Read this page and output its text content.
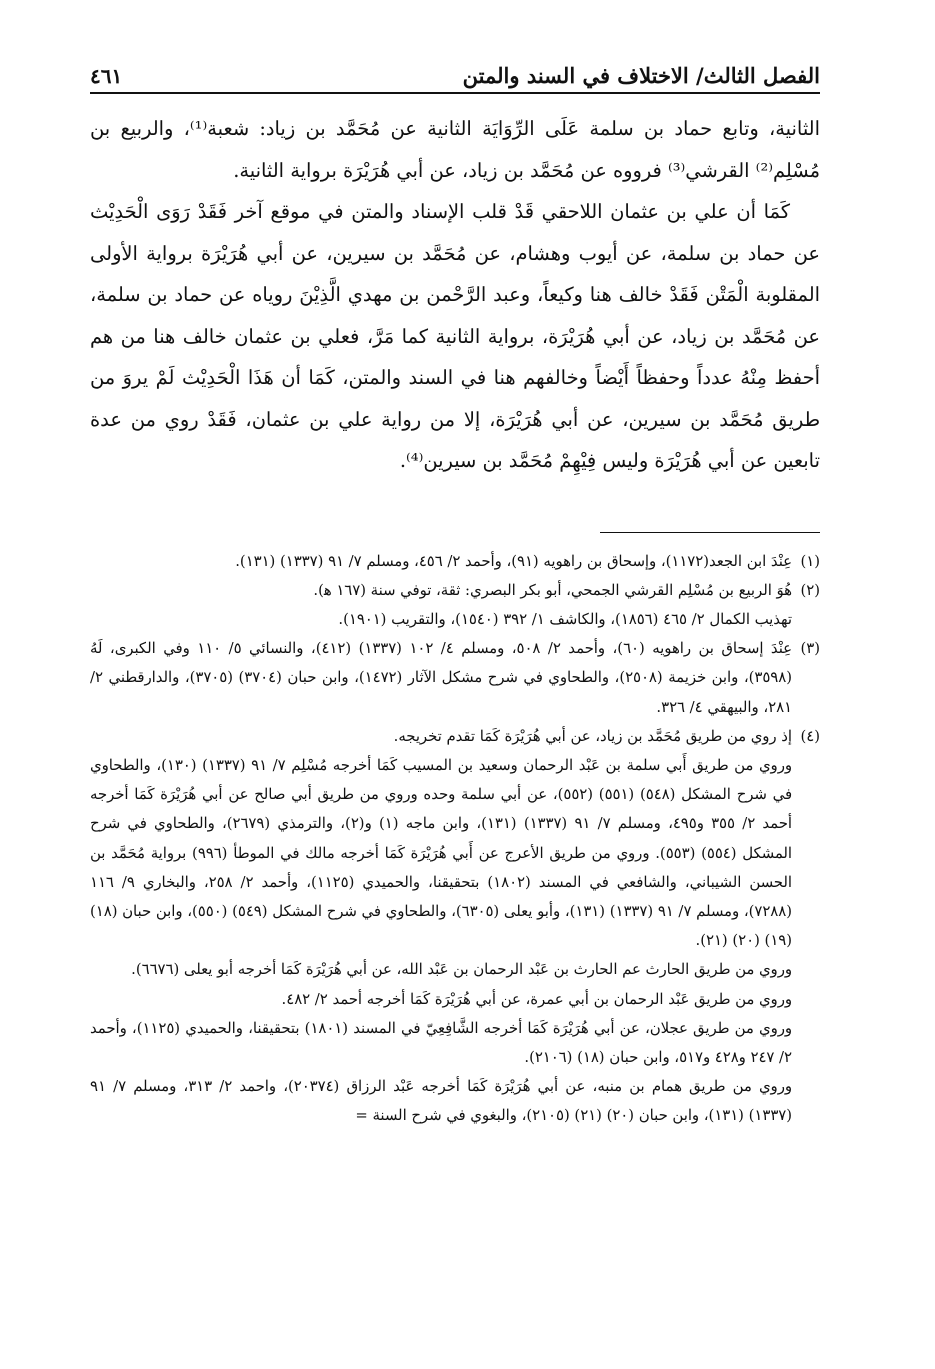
الفصل الثالث/ الاختلاف في السند والمتن
٤٦١

الثانية، وتابع حماد بن سلمة عَلَى الرِّوَايَة الثانية عن مُحَمَّد بن زياد: شعبة⁽¹⁾، والربيع بن مُسْلِم⁽²⁾ القرشي⁽³⁾ فرووه عن مُحَمَّد بن زياد، عن أبي هُرَيْرَة برواية الثانية.

كَمَا أن علي بن عثمان اللاحقي قَدْ قلب الإسناد والمتن في موقع آخر فَقَدْ رَوَى الْحَدِيْث عن حماد بن سلمة، عن أيوب وهشام، عن مُحَمَّد بن سيرين، عن أبي هُرَيْرَة برواية الأولى المقلوبة الْمَتْن فَقَدْ خالف هنا وكيعاً، وعبد الرَّحْمن بن مهدي الَّذِيْنَ روياه عن حماد بن سلمة، عن مُحَمَّد بن زياد، عن أبي هُرَيْرَة، برواية الثانية كما مَرَّ، فعلي بن عثمان خالف هنا من هم أحفظ مِنْهُ عدداً وحفظاً أَيْضاً وخالفهم هنا في السند والمتن، كَمَا أن هَذَا الْحَدِيْث لَمْ يروَ من طريق مُحَمَّد بن سيرين، عن أبي هُرَيْرَة، إلا من رواية علي بن عثمان، فَقَدْ روي من عدة تابعين عن أبي هُرَيْرَة وليس فِيْهِمْ مُحَمَّد بن سيرين⁽⁴⁾.

(١)
عِنْدَ ابن الجعد(١١٧٢)، وإسحاق بن راهويه (٩١)، وأحمد ٢/ ٤٥٦، ومسلم ٧/ ٩١ (١٣٣٧) (١٣١).
(٢)
هُوَ الربيع بن مُسْلِم القرشي الجمحي، أبو بكر البصري: ثقة، توفي سنة (١٦٧ ﻫ).

تهذيب الكمال ٢/ ٤٦٥ (١٨٥٦)، والكاشف ١/ ٣٩٢ (١٥٤٠)، والتقريب (١٩٠١).

(٣)
عِنْدَ إسحاق بن راهويه (٦٠)، وأحمد ٢/ ٥٠٨، ومسلم ٤/ ١٠٢ (١٣٣٧) (٤١٢)، والنسائي ٥/ ١١٠ وفي الكبرى، لَهُ (٣٥٩٨)، وابن خزيمة (٢٥٠٨)، والطحاوي في شرح مشكل الآثار (١٤٧٢)، وابن حبان (٣٧٠٤) (٣٧٠٥)، والدارقطني ٢/ ٢٨١، والبيهقي ٤/ ٣٢٦.
(٤)
إذ روي من طريق مُحَمَّد بن زياد، عن أبي هُرَيْرَة كَمَا تقدم تخريجه.

وروي من طريق أَبي سلمة بن عَبْد الرحمان وسعيد بن المسيب كَمَا أخرجه مُسْلِم ٧/ ٩١ (١٣٣٧) (١٣٠)، والطحاوي في شرح المشكل (٥٤٨) (٥٥١) (٥٥٢)، عن أبي سلمة وحده وروي من طريق أبي صالح عن أبي هُرَيْرَة كَمَا أخرجه أحمد ٢/ ٣٥٥ و٤٩٥، ومسلم ٧/ ٩١ (١٣٣٧) (١٣١)، وابن ماجه (١) و(٢)، والترمذي (٢٦٧٩)، والطحاوي في شرح المشكل (٥٥٤) (٥٥٣). وروي من طريق الأعرج عن أَبي هُرَيْرَة كَمَا أخرجه مالك في الموطأ (٩٩٦) برواية مُحَمَّد بن الحسن الشيباني، والشافعي في المسند (١٨٠٢) بتحقيقنا، والحميدي (١١٢٥)، وأحمد ٢/ ٢٥٨، والبخاري ٩/ ١١٦ (٧٢٨٨)، ومسلم ٧/ ٩١ (١٣٣٧) (١٣١)، وأبو يعلى (٦٣٠٥)، والطحاوي في شرح المشكل (٥٤٩) (٥٥٠)، وابن حبان (١٨) (١٩) (٢٠) (٢١).

وروي من طريق الحارث عم الحارث بن عَبْد الرحمان بن عَبْد الله، عن أبي هُرَيْرَة كَمَا أخرجه أبو يعلى (٦٦٧٦).

وروي من طريق عَبْد الرحمان بن أبي عمرة، عن أبي هُرَيْرَة كَمَا أخرجه أحمد ٢/ ٤٨٢.

وروي من طريق عجلان، عن أبي هُرَيْرَة كَمَا أخرجه الشَّافِعِيّ في المسند (١٨٠١) بتحقيقنا، والحميدي (١١٢٥)، وأحمد ٢/ ٢٤٧ و٤٢٨ و٥١٧، وابن حبان (١٨) (٢١٠٦).

وروي من طريق همام بن منبه، عن أبي هُرَيْرَة كَمَا أخرجه عَبْد الرزاق (٢٠٣٧٤)، واحمد ٢/ ٣١٣، ومسلم ٧/ ٩١ (١٣٣٧) (١٣١)، وابن حبان (٢٠) (٢١) (٢١٠٥)، والبغوي في شرح السنة =
